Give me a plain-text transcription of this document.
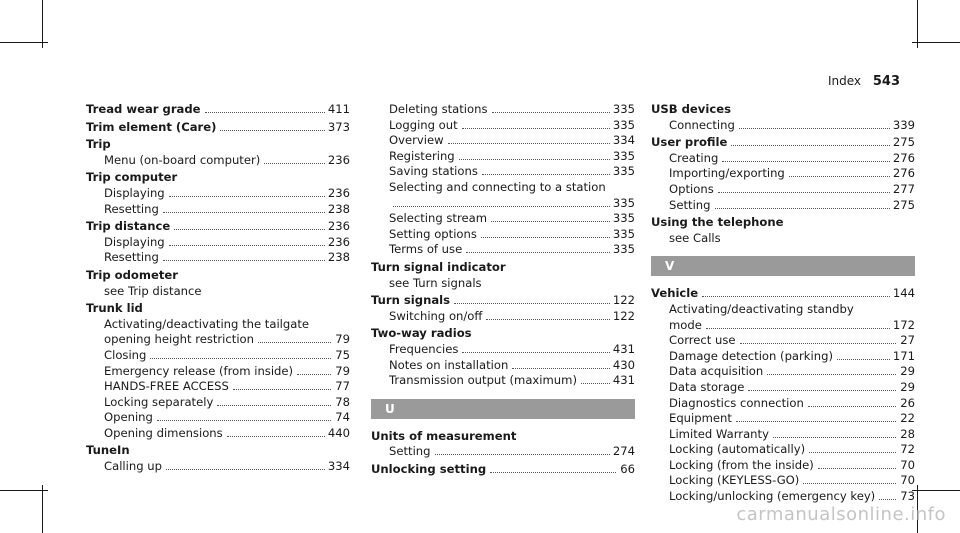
Index 543
Tread wear grade	411
Trim element (Care)	373
Trip
Menu (on-board computer)	236
Trip computer
Displaying	236
Resetting	238
Trip distance	236
Displaying	236
Resetting	238
Trip odometer
see Trip distance
Trunk lid
Activating/deactivating the tailgate
opening height restriction	79
Closing	75
Emergency release (from inside)	79
HANDS-FREE ACCESS	77
Locking separately	78
Opening	74
Opening dimensions	440
TuneIn
Calling up	334
Deleting stations	335
Logging out	335
Overview	334
Registering	335
Saving stations	335
Selecting and connecting to a station
335
Selecting stream	335
Setting options	335
Terms of use	335
Turn signal indicator
see Turn signals
Turn signals	122
Switching on/off	122
Two-way radios
Frequencies	431
Notes on installation	430
Transmission output (maximum)	431
U
Units of measurement
Setting	274
Unlocking setting	66
USB devices
Connecting	339
User profile	275
Creating	276
Importing/exporting	276
Options	277
Setting	275
Using the telephone
see Calls
V
Vehicle	144
Activating/deactivating standby
mode	172
Correct use	27
Damage detection (parking)	171
Data acquisition	29
Data storage	29
Diagnostics connection	26
Equipment	22
Limited Warranty	28
Locking (automatically)	72
Locking (from the inside)	70
Locking (KEYLESS-GO)	70
Locking/unlocking (emergency key) 73
carmanualsonline.info
